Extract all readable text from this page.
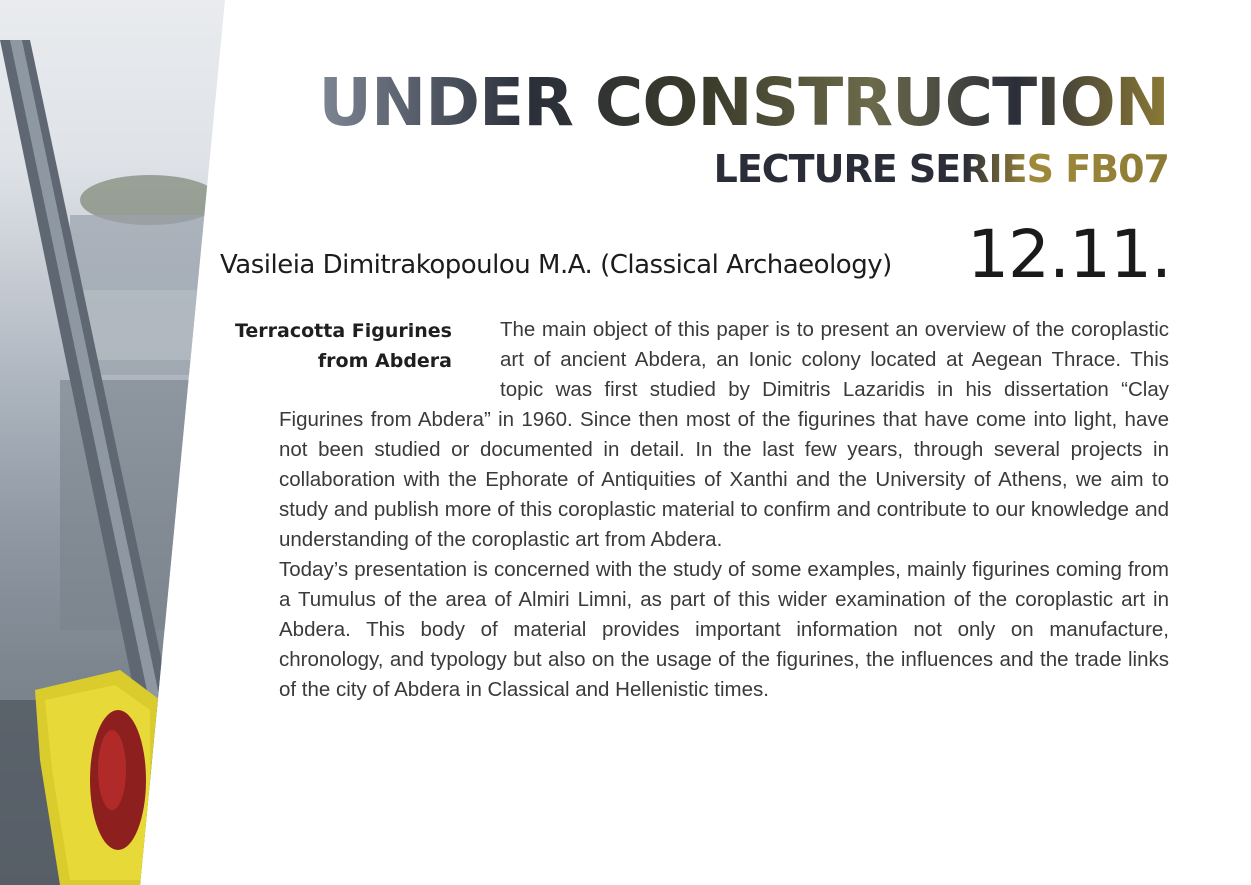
UNDER CONSTRUCTION
LECTURE SERIES FB07
Vasileia Dimitrakopoulou M.A. (Classical Archaeology) 12.11.
Terracotta Figurines
from Abdera

The main object of this paper is to present an overview of the coroplastic art of ancient Abdera, an Ionic colony located at Aegean Thrace. This topic was first studied by Dimitris Lazaridis in his dissertation “Clay Figurines from Abdera” in 1960. Since then most of the figurines that have come into light, have not been studied or documented in detail. In the last few years, through several projects in collaboration with the Ephorate of Antiquities of Xanthi and the University of Athens, we aim to study and publish more of this coroplastic material to confirm and contribute to our knowledge and understanding of the coroplastic art from Abdera.

Today’s presentation is concerned with the study of some examples, mainly figurines coming from a Tumulus of the area of Almiri Limni, as part of this wider examination of the coroplastic art in Abdera. This body of material provides important information not only on manufacture, chronology, and typology but also on the usage of the figurines, the influences and the trade links of the city of Abdera in Classical and Hellenistic times.
